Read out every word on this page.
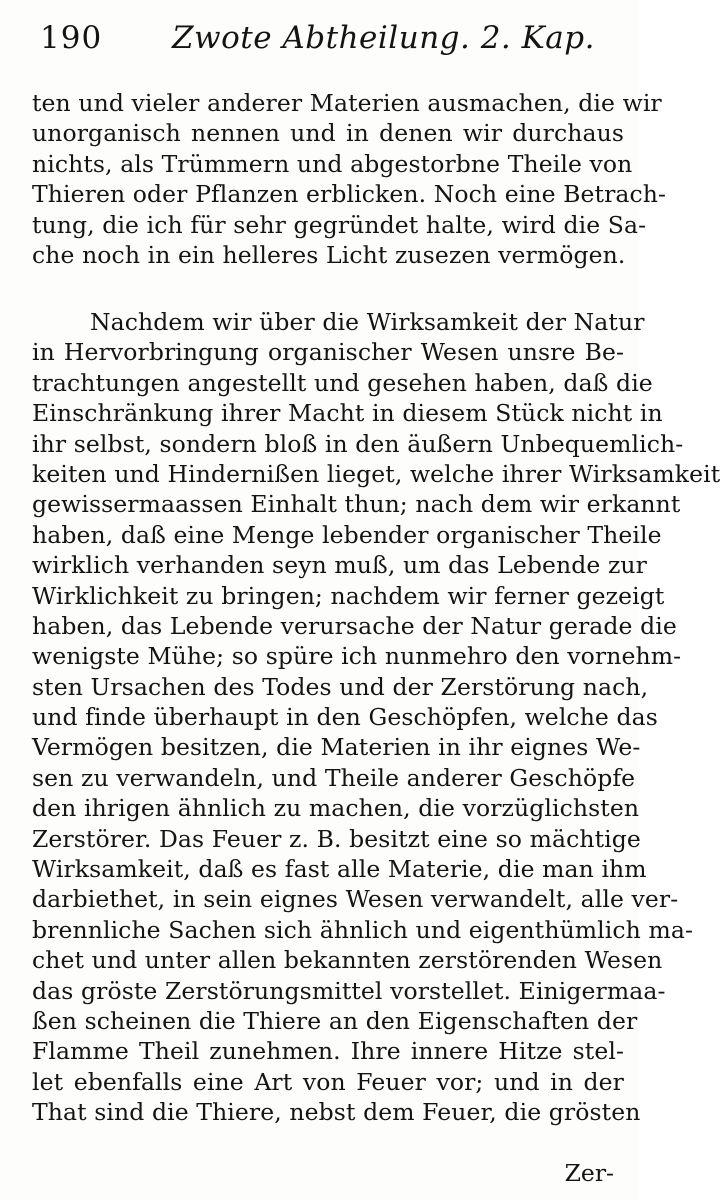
190 Zwote Abtheilung. 2. Kap.
ten und vieler anderer Materien ausmachen, die wir
unorganisch nennen und in denen wir durchaus
nichts, als Trümmern und abgestorbne Theile von
Thieren oder Pflanzen erblicken. Noch eine Betrach-
tung, die ich für sehr gegründet halte, wird die Sa-
che noch in ein helleres Licht zusezen vermögen.
Nachdem wir über die Wirksamkeit der Natur
in Hervorbringung organischer Wesen unsre Be-
trachtungen angestellt und gesehen haben, daß die
Einschränkung ihrer Macht in diesem Stück nicht in
ihr selbst, sondern bloß in den äußern Unbequemlich-
keiten und Hindernißen lieget, welche ihrer Wirksamkeit
gewissermaassen Einhalt thun; nach dem wir erkannt
haben, daß eine Menge lebender organischer Theile
wirklich verhanden seyn muß, um das Lebende zur
Wirklichkeit zu bringen; nachdem wir ferner gezeigt
haben, das Lebende verursache der Natur gerade die
wenigste Mühe; so spüre ich nunmehro den vornehm-
sten Ursachen des Todes und der Zerstörung nach,
und finde überhaupt in den Geschöpfen, welche das
Vermögen besitzen, die Materien in ihr eignes We-
sen zu verwandeln, und Theile anderer Geschöpfe
den ihrigen ähnlich zu machen, die vorzüglichsten
Zerstörer. Das Feuer z. B. besitzt eine so mächtige
Wirksamkeit, daß es fast alle Materie, die man ihm
darbiethet, in sein eignes Wesen verwandelt, alle ver-
brennliche Sachen sich ähnlich und eigenthümlich ma-
chet und unter allen bekannten zerstörenden Wesen
das gröste Zerstörungsmittel vorstellet. Einigermaa-
ßen scheinen die Thiere an den Eigenschaften der
Flamme Theil zunehmen. Ihre innere Hitze stel-
let ebenfalls eine Art von Feuer vor; und in der
That sind die Thiere, nebst dem Feuer, die grösten
Zer-
